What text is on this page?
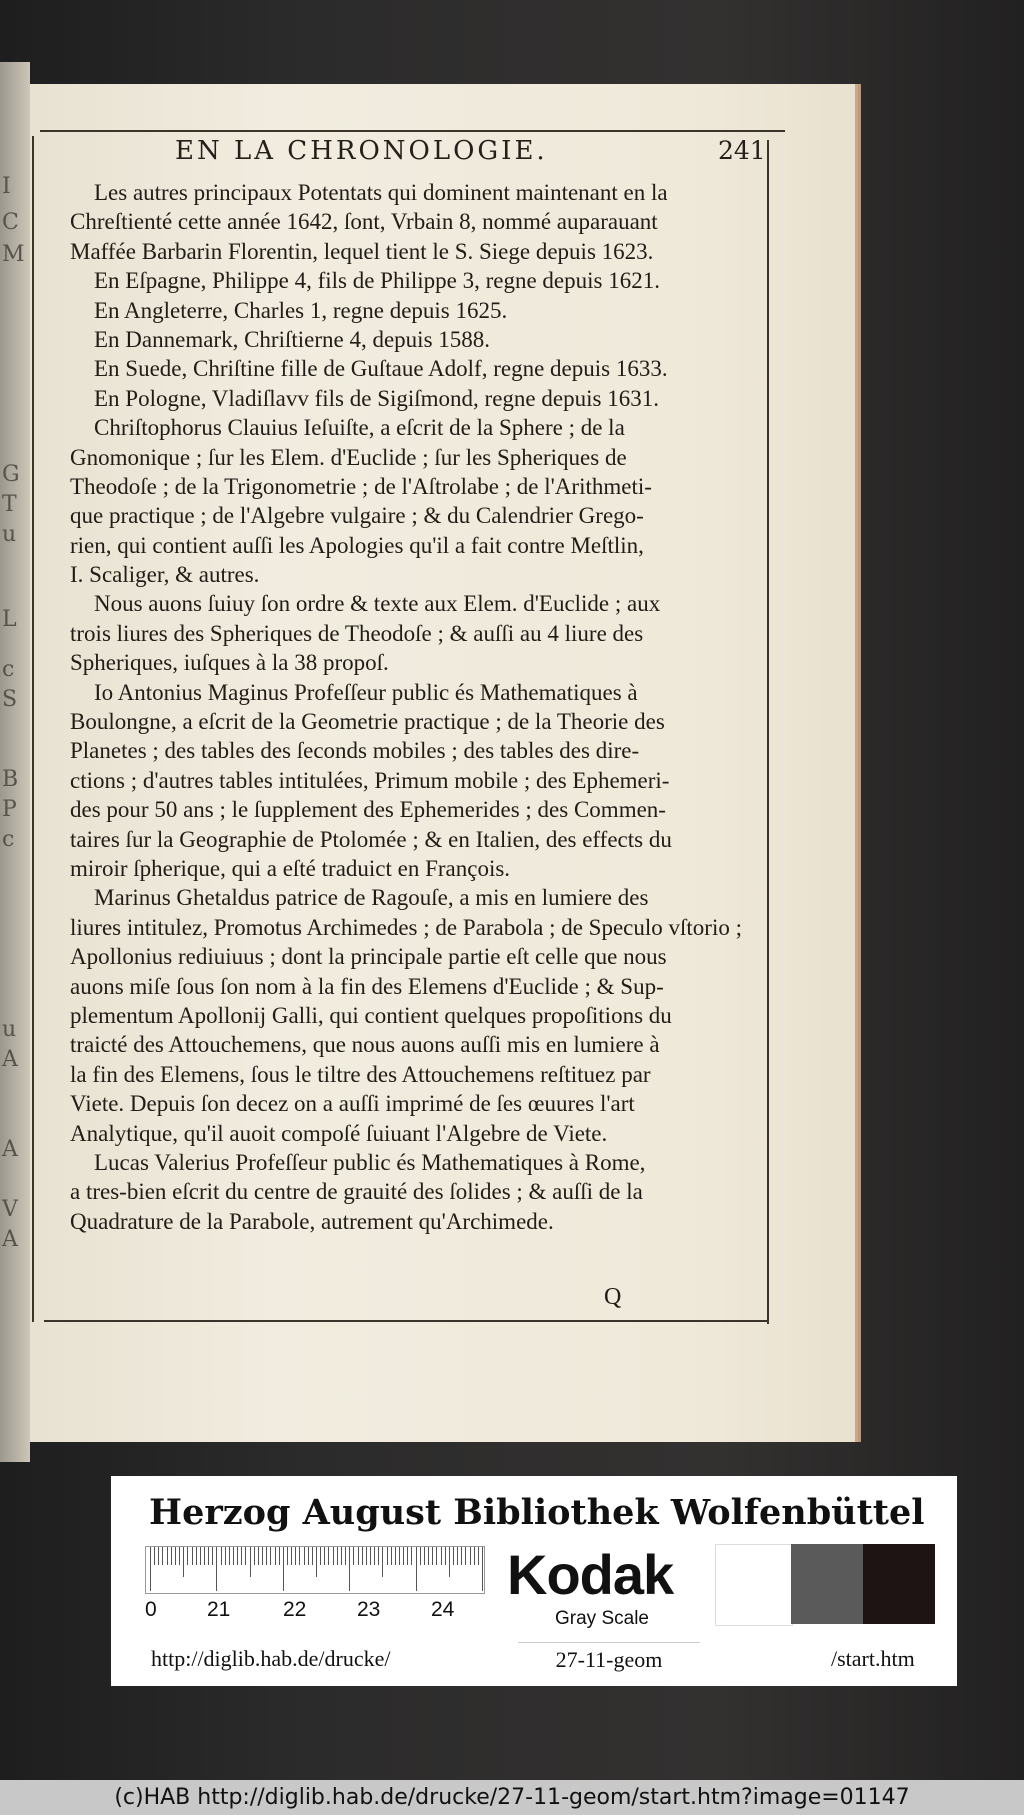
I
C
M
G
T
u
L
c
S
B
P
c
u
A
A
V
A
EN LA CHRONOLOGIE.	241
Les autres principaux Potentats qui dominent maintenant en la
Chreſtienté cette année 1642, ſont, Vrbain 8, nommé auparauant
Maffée Barbarin Florentin, lequel tient le S. Siege depuis 1623.
En Eſpagne, Philippe 4, fils de Philippe 3, regne depuis 1621.
En Angleterre, Charles 1, regne depuis 1625.
En Dannemark, Chriſtierne 4, depuis 1588.
En Suede, Chriſtine fille de Guſtaue Adolf, regne depuis 1633.
En Pologne, Vladiſlavv fils de Sigiſmond, regne depuis 1631.
Chriſtophorus Clauius Ieſuiſte, a eſcrit de la Sphere ; de la
Gnomonique ; ſur les Elem. d'Euclide ; ſur les Spheriques de
Theodoſe ; de la Trigonometrie ; de l'Aſtrolabe ; de l'Arithmeti-
que practique ; de l'Algebre vulgaire ; & du Calendrier Grego-
rien, qui contient auſſi les Apologies qu'il a fait contre Meſtlin,
I. Scaliger, & autres.
Nous auons ſuiuy ſon ordre & texte aux Elem. d'Euclide ; aux
trois liures des Spheriques de Theodoſe ; & auſſi au 4 liure des
Spheriques, iuſques à la 38 propoſ.
Io Antonius Maginus Profeſſeur public és Mathematiques à
Boulongne, a eſcrit de la Geometrie practique ; de la Theorie des
Planetes ; des tables des ſeconds mobiles ; des tables des dire-
ctions ; d'autres tables intitulées, Primum mobile ; des Ephemeri-
des pour 50 ans ; le ſupplement des Ephemerides ; des Commen-
taires ſur la Geographie de Ptolomée ; & en Italien, des effects du
miroir ſpherique, qui a eſté traduict en François.
Marinus Ghetaldus patrice de Ragouſe, a mis en lumiere des
liures intitulez, Promotus Archimedes ; de Parabola ; de Speculo vſtorio ;
Apollonius rediuiuus ; dont la principale partie eſt celle que nous
auons miſe ſous ſon nom à la fin des Elemens d'Euclide ; & Sup-
plementum Apollonij Galli, qui contient quelques propoſitions du
traicté des Attouchemens, que nous auons auſſi mis en lumiere à
la fin des Elemens, ſous le tiltre des Attouchemens reſtituez par
Viete. Depuis ſon decez on a auſſi imprimé de ſes œuures l'art
Analytique, qu'il auoit compoſé ſuiuant l'Algebre de Viete.
Lucas Valerius Profeſſeur public és Mathematiques à Rome,
a tres-bien eſcrit du centre de grauité des ſolides ; & auſſi de la
Quadrature de la Parabole, autrement qu'Archimede.
Q
Herzog August Bibliothek Wolfenbüttel
0 21	22 23 24
Kodak
Gray Scale
http://diglib.hab.de/drucke/	27-11-geom	/start.htm
(c)HAB http://diglib.hab.de/drucke/27-11-geom/start.htm?image=01147
